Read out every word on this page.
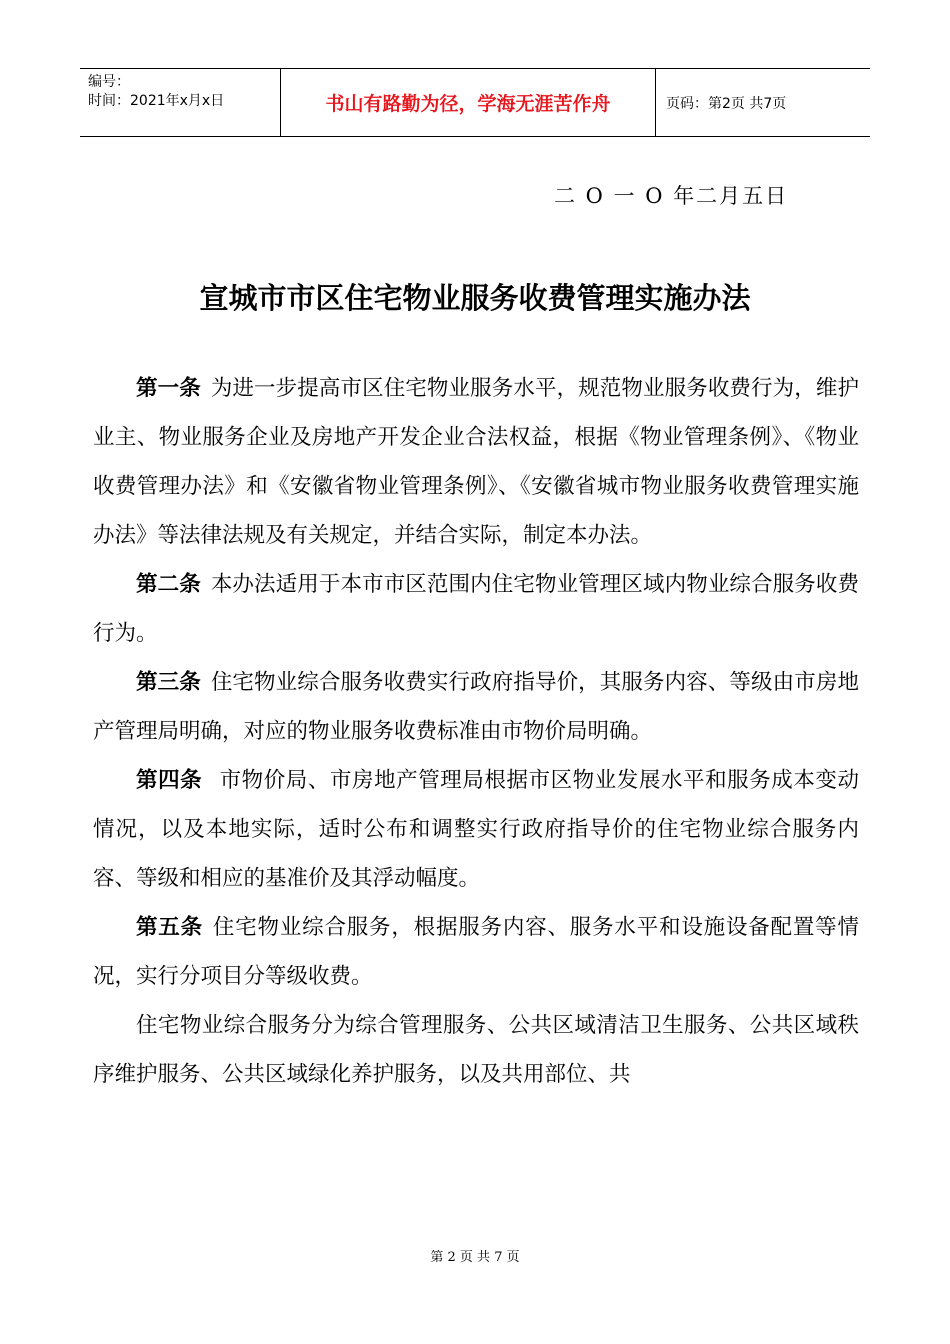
编号：
时间：2021年x月x日	书山有路勤为径，学海无涯苦作舟	页码：第2页 共7页
二 O 一 O 年二月五日
宣城市市区住宅物业服务收费管理实施办法

第一条 为进一步提高市区住宅物业服务水平，规范物业服务收费行为，维护业主、物业服务企业及房地产开发企业合法权益，根据《物业管理条例》、《物业收费管理办法》和《安徽省物业管理条例》、《安徽省城市物业服务收费管理实施办法》等法律法规及有关规定，并结合实际，制定本办法。

第二条 本办法适用于本市市区范围内住宅物业管理区域内物业综合服务收费行为。

第三条 住宅物业综合服务收费实行政府指导价，其服务内容、等级由市房地产管理局明确，对应的物业服务收费标准由市物价局明确。

第四条 市物价局、市房地产管理局根据市区物业发展水平和服务成本变动情况，以及本地实际，适时公布和调整实行政府指导价的住宅物业综合服务内容、等级和相应的基准价及其浮动幅度。

第五条 住宅物业综合服务，根据服务内容、服务水平和设施设备配置等情况，实行分项目分等级收费。

住宅物业综合服务分为综合管理服务、公共区域清洁卫生服务、公共区域秩序维护服务、公共区域绿化养护服务，以及共用部位、共

第 2 页 共 7 页
